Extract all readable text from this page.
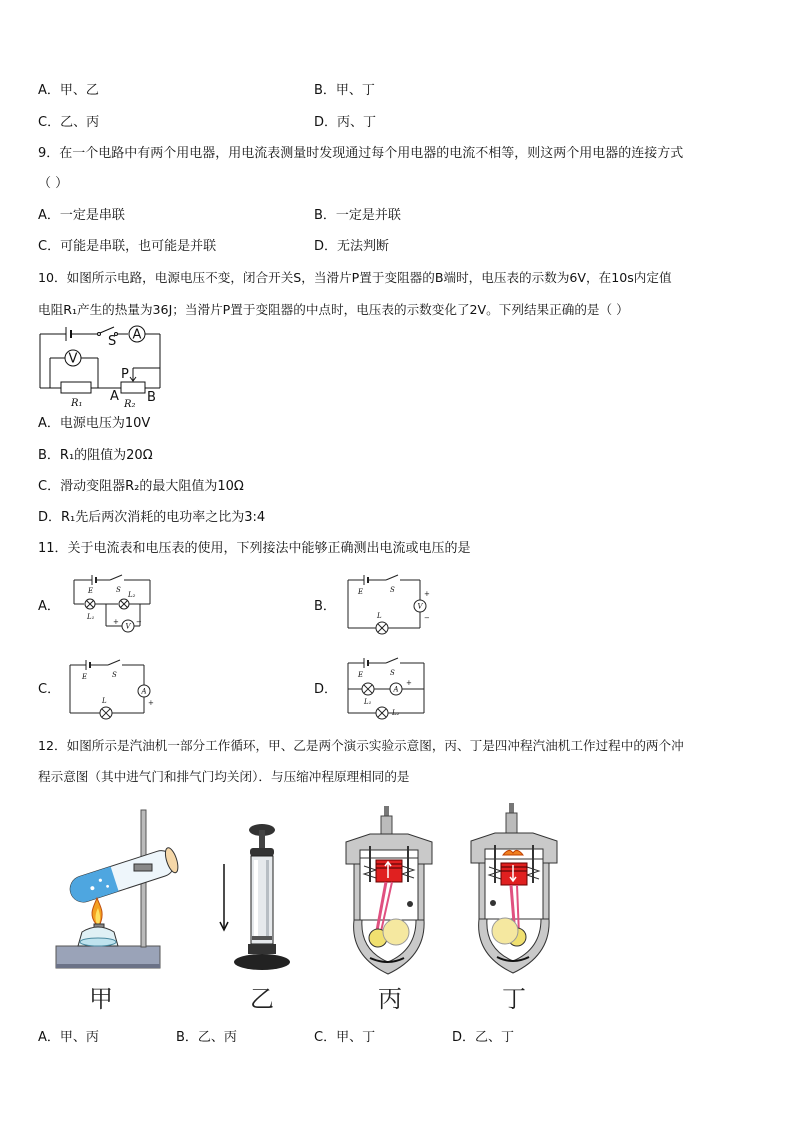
A．甲、乙	B．甲、丁
C．乙、丙	D．丙、丁
9．在一个电路中有两个用电器，用电流表测量时发现通过每个用电器的电流不相等，则这两个用电器的连接方式
（ ）
A．一定是串联	B．一定是并联
C．可能是串联，也可能是并联	D．无法判断
10．如图所示电路，电源电压不变，闭合开关S，当滑片P置于变阻器的B端时，电压表的示数为6V，在10s内定值
电阻R₁产生的热量为36J；当滑片P置于变阻器的中点时，电压表的示数变化了2V。下列结果正确的是（ ）
A
V
S
P
R₁	R₂
A B
A．电源电压为10V
B．R₁的阻值为20Ω
C．滑动变阻器R₂的最大阻值为10Ω
D．R₁先后两次消耗的电功率之比为3:4
11．关于电流表和电压表的使用，下列接法中能够正确测出电流或电压的是
A．
E	S
L₂
L₁
V
+ −
B．
E	S
L
V
+
−
C．
E	S
L
A
+
D．
E	S
L₁
L₂
A
+
12．如图所示是汽油机一部分工作循环，甲、乙是两个演示实验示意图，丙、丁是四冲程汽油机工作过程中的两个冲
程示意图（其中进气门和排气门均关闭）．与压缩冲程原理相同的是
甲	乙	丙	丁
A．甲、丙	B．乙、丙	C．甲、丁	D．乙、丁
